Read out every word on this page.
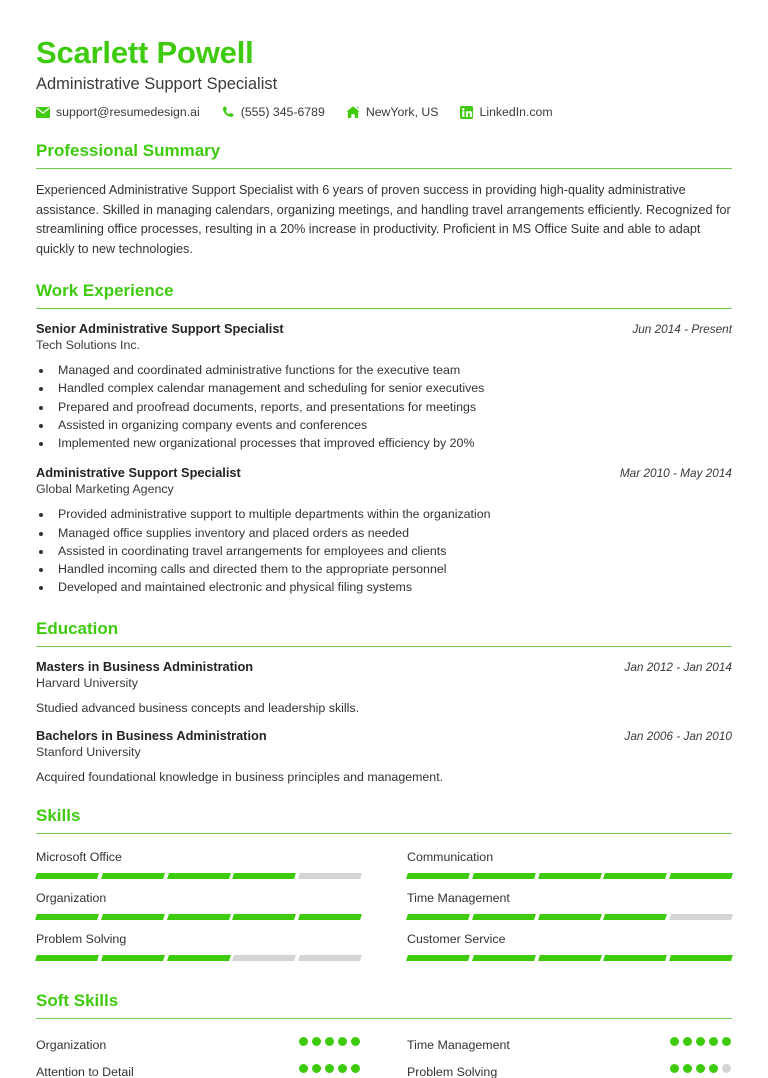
Scarlett Powell
Administrative Support Specialist
support@resumedesign.ai	(555) 345-6789	NewYork, US	LinkedIn.com
Professional Summary
Experienced Administrative Support Specialist with 6 years of proven success in providing high-quality administrative assistance. Skilled in managing calendars, organizing meetings, and handling travel arrangements efficiently. Recognized for streamlining office processes, resulting in a 20% increase in productivity. Proficient in MS Office Suite and able to adapt quickly to new technologies.
Work Experience
Senior Administrative Support Specialist	Jun 2014 - Present
Tech Solutions Inc.
• Managed and coordinated administrative functions for the executive team
• Handled complex calendar management and scheduling for senior executives
• Prepared and proofread documents, reports, and presentations for meetings
• Assisted in organizing company events and conferences
• Implemented new organizational processes that improved efficiency by 20%
Administrative Support Specialist	Mar 2010 - May 2014
Global Marketing Agency
• Provided administrative support to multiple departments within the organization
• Managed office supplies inventory and placed orders as needed
• Assisted in coordinating travel arrangements for employees and clients
• Handled incoming calls and directed them to the appropriate personnel
• Developed and maintained electronic and physical filing systems
Education
Masters in Business Administration	Jan 2012 - Jan 2014
Harvard University
Studied advanced business concepts and leadership skills.
Bachelors in Business Administration	Jan 2006 - Jan 2010
Stanford University
Acquired foundational knowledge in business principles and management.
Skills
Microsoft Office	Communication
Organization	Time Management
Problem Solving	Customer Service
Soft Skills
Organization	Time Management
Attention to Detail	Problem Solving
